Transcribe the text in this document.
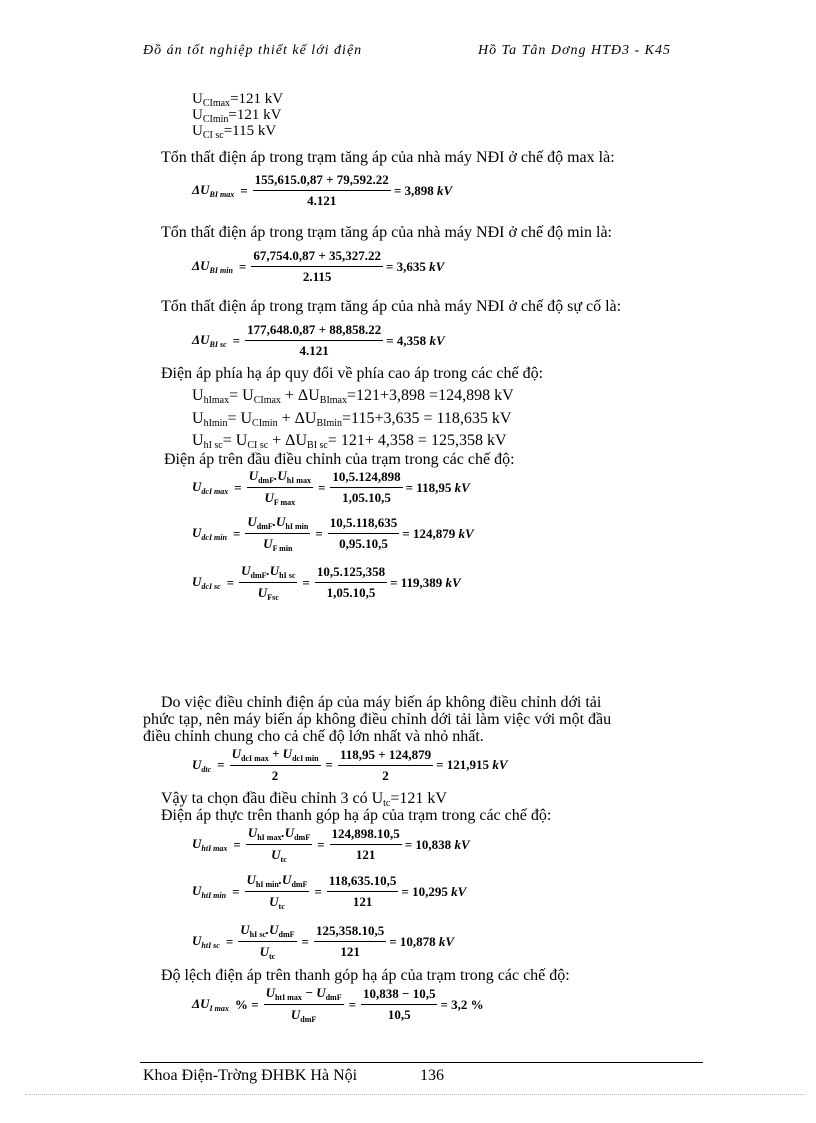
Đồ án tốt nghiệp thiết kế lới điện	Hồ Ta Tân Dơng HTĐ3 - K45
$U_{CImax}=121$ kV
$U_{CImin}=121$ kV
$U_{CI sc}=115$ kV
Tổn thất điện áp trong trạm tăng áp của nhà máy NĐI ở chế độ max là:
$\Delta U_{BI max} = \frac{155,615.0,87 + 79,592.22}{4.121} = 3,898$ kV
Tổn thất điện áp trong trạm tăng áp của nhà máy NĐI ở chế độ min là:
$\Delta U_{BI min} = \frac{67,754.0,87 + 35,327.22}{2.115} = 3,635$ kV
Tổn thất điện áp trong trạm tăng áp của nhà máy NĐI ở chế độ sự cố là:
$\Delta U_{BI sc} = \frac{177,648.0,87 + 88,858.22}{4.121} = 4,358$ kV
Điện áp phía hạ áp quy đổi về phía cao áp trong các chế độ:
$U_{hImax}= U_{CImax} + \Delta U_{BImax}=121+3,898 =124,898$ kV
$U_{hImin}= U_{CImin} + \Delta U_{BImin}=115+3,635 = 118,635$ kV
$U_{hI sc}= U_{CI sc} + \Delta U_{BI sc}= 121+ 4,358 = 125,358$ kV
Điện áp trên đầu điều chỉnh của trạm trong các chế độ:
$U_{dcI max} = \frac{U_{dmF}.U_{hI max}}{U_{F max}} = \frac{10,5.124,898}{1,05.10,5} = 118,95$ kV
$U_{dcI min} = \frac{U_{dmF}.U_{hI min}}{U_{F min}} = \frac{10,5.118,635}{0,95.10,5} = 124,879$ kV
$U_{dcI sc} = \frac{U_{dmF}.U_{hI sc}}{U_{Fsc}} = \frac{10,5.125,358}{1,05.10,5} = 119,389$ kV
Do việc điều chỉnh điện áp của máy biến áp không điều chỉnh dới tải
phức tạp, nên máy biến áp không điều chỉnh dới tải làm việc với một đầu
điều chỉnh chung cho cả chế độ lớn nhất và nhỏ nhất.
$U_{dtc} = \frac{U_{dcI max} + U_{dcI min}}{2} = \frac{118,95 + 124,879}{2} = 121,915$ kV
Vậy ta chọn đầu điều chỉnh 3 có $U_{tc}=121$ kV
Điện áp thực trên thanh góp hạ áp của trạm trong các chế độ:
$U_{htI max} = \frac{U_{hI max}.U_{dmF}}{U_{tc}} = \frac{124,898.10,5}{121} = 10,838$ kV
$U_{htI min} = \frac{U_{hI min}.U_{dmF}}{U_{tc}} = \frac{118,635.10,5}{121} = 10,295$ kV
$U_{htI sc} = \frac{U_{hI sc}.U_{dmF}}{U_{tc}} = \frac{125,358.10,5}{121} = 10,878$ kV
Độ lệch điện áp trên thanh góp hạ áp của trạm trong các chế độ:
$\Delta U_{I max}$ % = $\frac{U_{htI max} - U_{dmF}}{U_{dmF}} = \frac{10,838 - 10,5}{10,5} = 3,2$ %
Khoa Điện-Trờng ĐHBK Hà Nội	136
